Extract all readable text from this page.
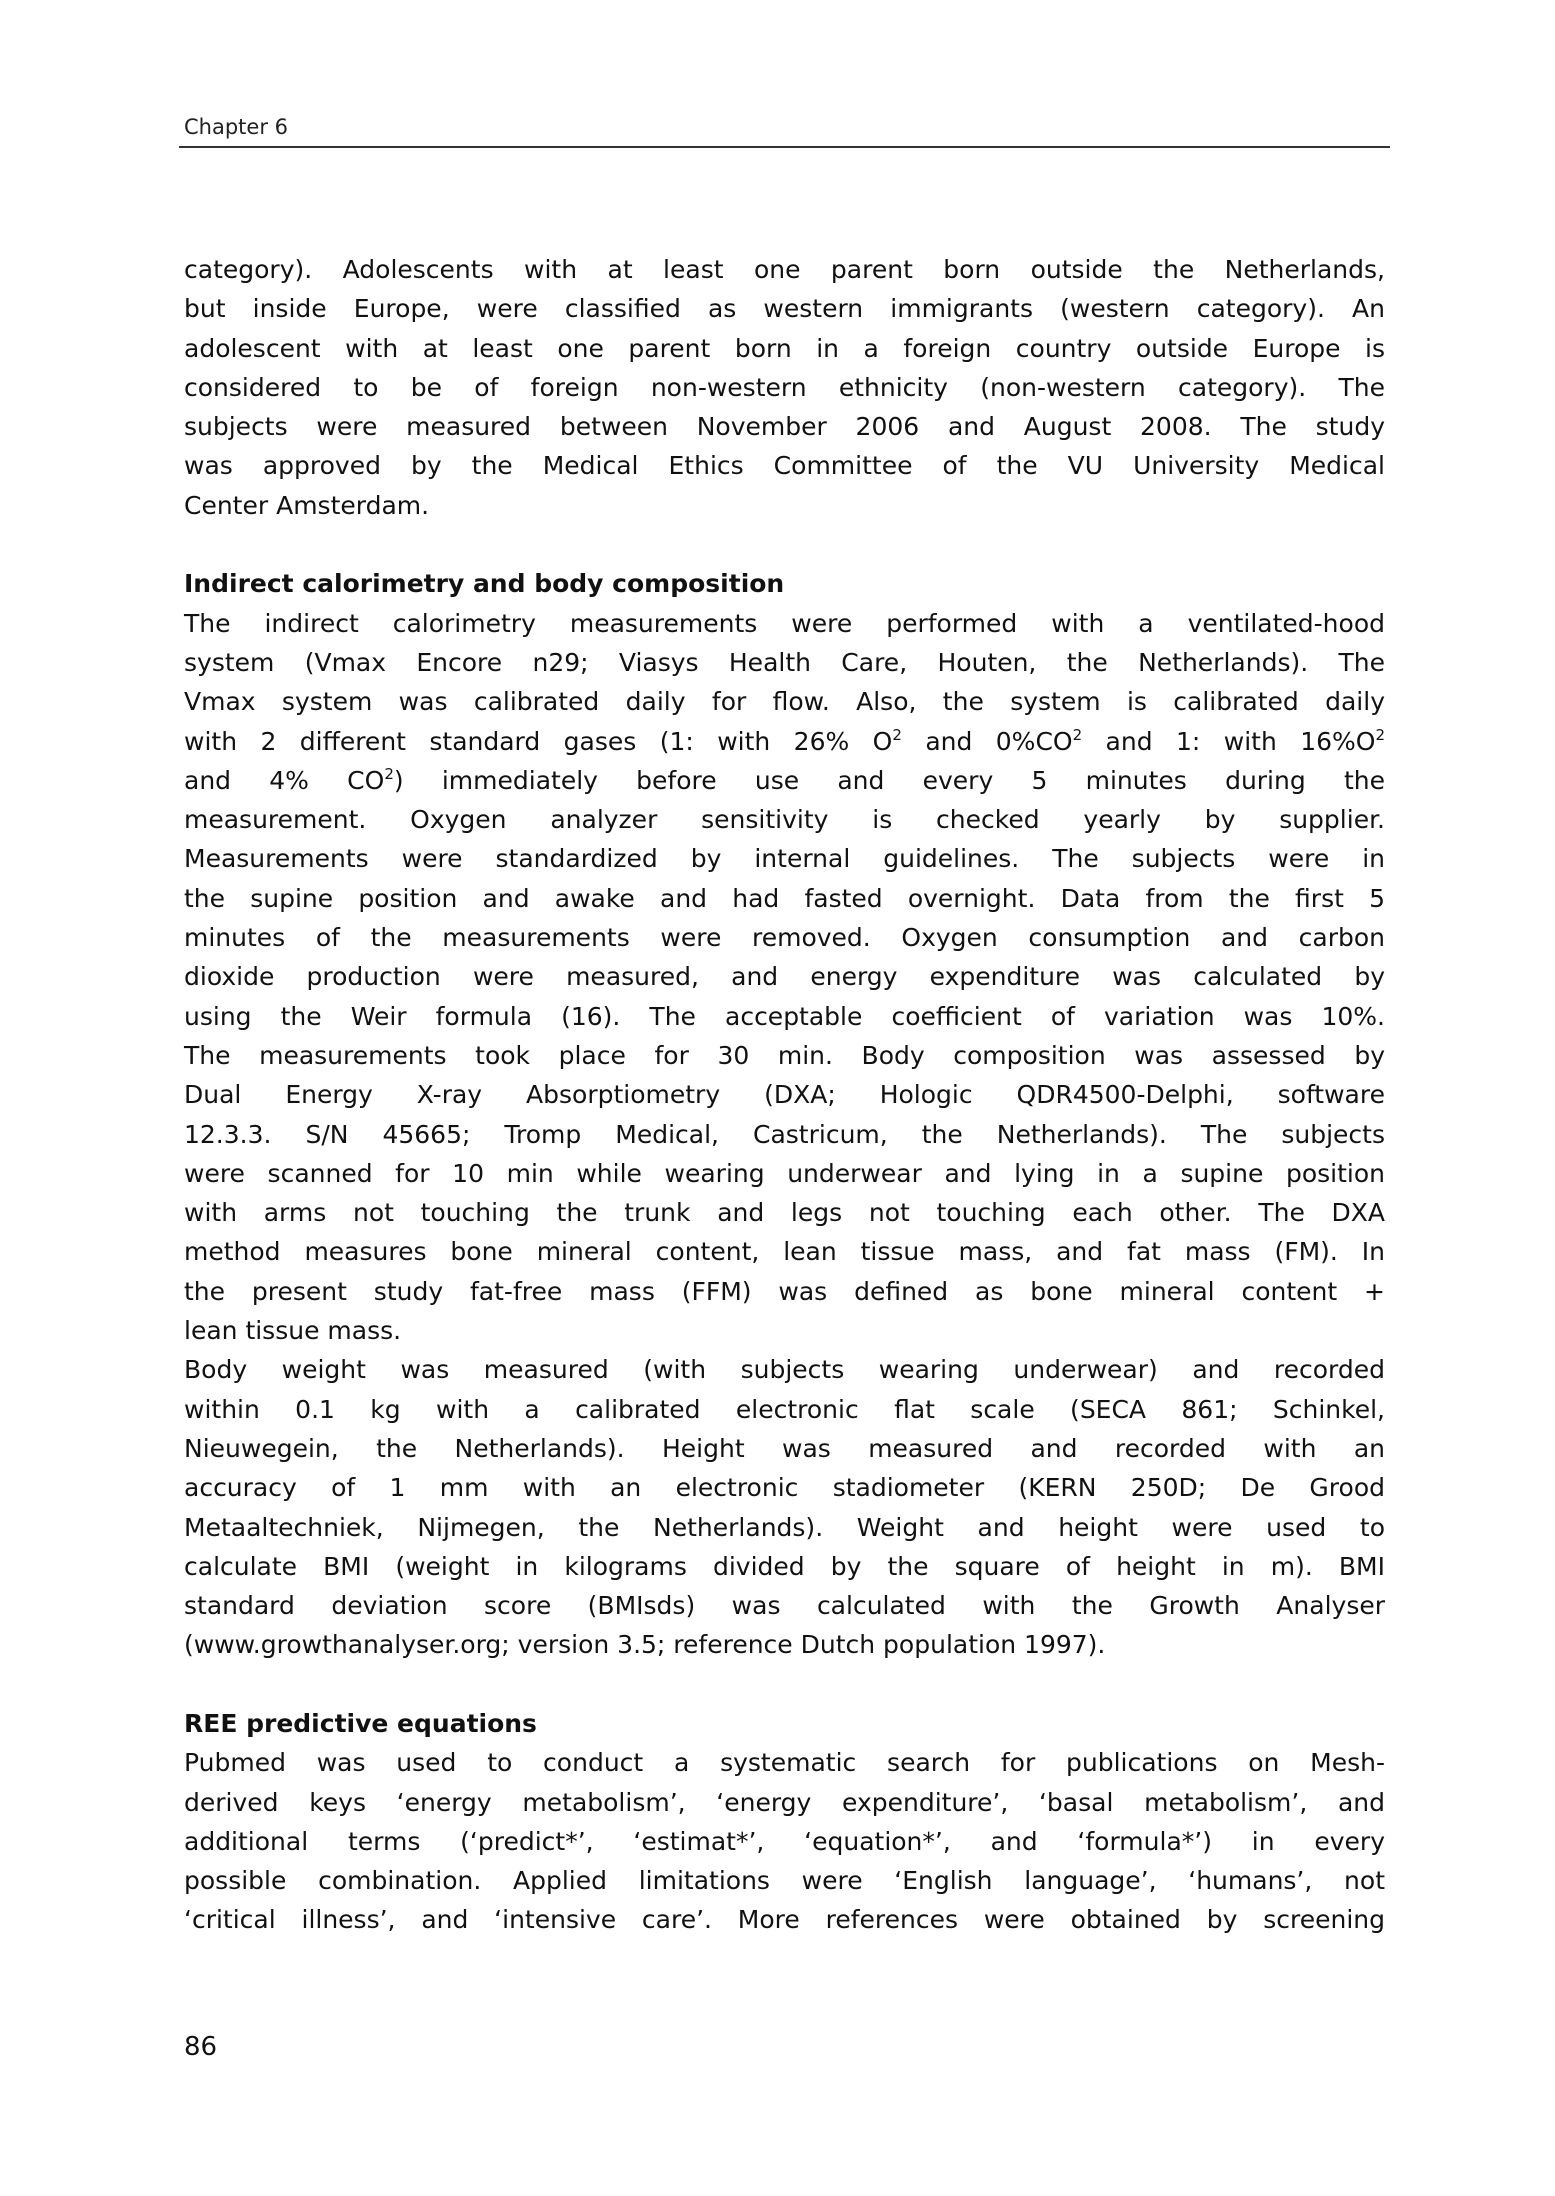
Chapter 6
category). Adolescents with at least one parent born outside the Netherlands,
but inside Europe, were classified as western immigrants (western category). An
adolescent with at least one parent born in a foreign country outside Europe is
considered to be of foreign non-western ethnicity (non-western category). The
subjects were measured between November 2006 and August 2008. The study
was approved by the Medical Ethics Committee of the VU University Medical
Center Amsterdam.
Indirect calorimetry and body composition
The indirect calorimetry measurements were performed with a ventilated-hood
system (Vmax Encore n29; Viasys Health Care, Houten, the Netherlands). The
Vmax system was calibrated daily for flow. Also, the system is calibrated daily
with 2 different standard gases (1: with 26% $O^2$ and $0\%CO^2$ and 1: with $16\%O^2$
and 4% $CO^2$) immediately before use and every 5 minutes during the
measurement. Oxygen analyzer sensitivity is checked yearly by supplier.
Measurements were standardized by internal guidelines. The subjects were in
the supine position and awake and had fasted overnight. Data from the first 5
minutes of the measurements were removed. Oxygen consumption and carbon
dioxide production were measured, and energy expenditure was calculated by
using the Weir formula (16). The acceptable coefficient of variation was 10%.
The measurements took place for 30 min. Body composition was assessed by
Dual Energy X-ray Absorptiometry (DXA; Hologic QDR4500-Delphi, software
12.3.3. S/N 45665; Tromp Medical, Castricum, the Netherlands). The subjects
were scanned for 10 min while wearing underwear and lying in a supine position
with arms not touching the trunk and legs not touching each other. The DXA
method measures bone mineral content, lean tissue mass, and fat mass (FM). In
the present study fat-free mass (FFM) was defined as bone mineral content +
lean tissue mass.
Body weight was measured (with subjects wearing underwear) and recorded
within 0.1 kg with a calibrated electronic flat scale (SECA 861; Schinkel,
Nieuwegein, the Netherlands). Height was measured and recorded with an
accuracy of 1 mm with an electronic stadiometer (KERN 250D; De Grood
Metaaltechniek, Nijmegen, the Netherlands). Weight and height were used to
calculate BMI (weight in kilograms divided by the square of height in m). BMI
standard deviation score (BMIsds) was calculated with the Growth Analyser
(www.growthanalyser.org; version 3.5; reference Dutch population 1997).
REE predictive equations
Pubmed was used to conduct a systematic search for publications on Mesh-
derived keys ‘energy metabolism’, ‘energy expenditure’, ‘basal metabolism’, and
additional terms (‘predict*’, ‘estimat*’, ‘equation*’, and ‘formula*’) in every
possible combination. Applied limitations were ‘English language’, ‘humans’, not
‘critical illness’, and ‘intensive care’. More references were obtained by screening
86
